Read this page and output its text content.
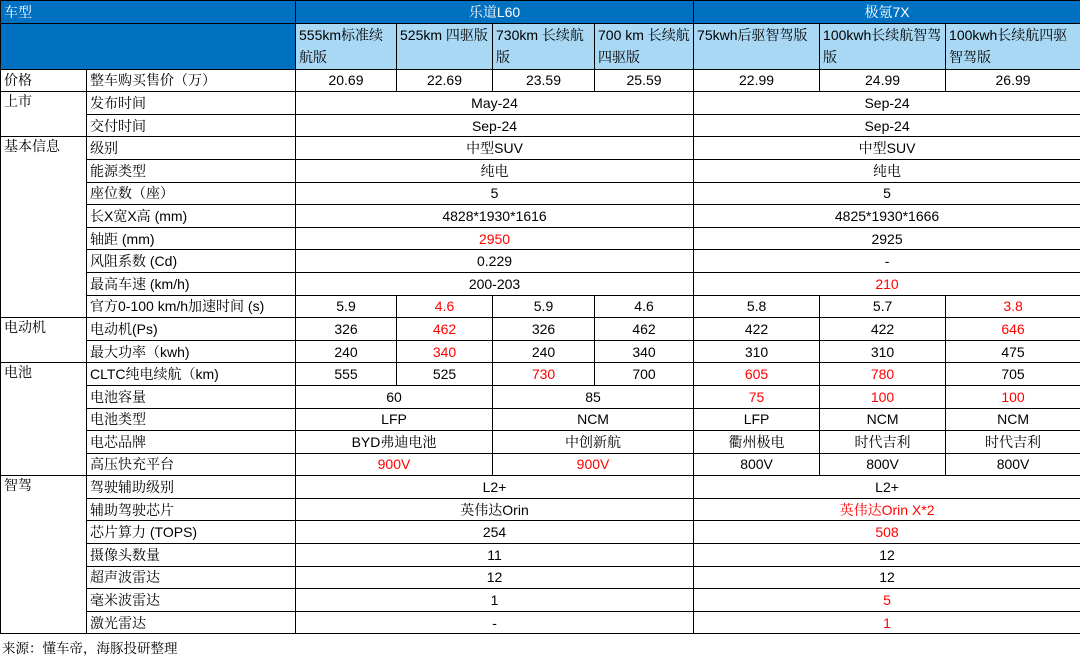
车型		乐道L60				极氪7X		
		555km标准续航版	525km 四驱版	730km 长续航版	700 km 长续航四驱版	75kwh后驱智驾版	100kwh长续航智驾版	100kwh长续航四驱智驾版
价格	整车购买售价（万）	20.69	22.69	23.59	25.59	22.99	24.99	26.99
上市	发布时间	May-24				Sep-24		
	交付时间	Sep-24				Sep-24		
基本信息	级别	中型SUV				中型SUV		
	能源类型	纯电				纯电		
	座位数（座）	5				5		
	长X宽X高 (mm)	4828*1930*1616				4825*1930*1666		
	轴距 (mm)	2950				2925		
	风阻系数 (Cd)	0.229				-		
	最高车速 (km/h)	200-203				210		
	官方0-100 km/h加速时间 (s)	5.9	4.6	5.9	4.6	5.8	5.7	3.8
电动机	电动机(Ps)	326	462	326	462	422	422	646
	最大功率（kwh)	240	340	240	340	310	310	475
电池	CLTC纯电续航（km)	555	525	730	700	605	780	705
	电池容量	60		85		75	100	100
	电池类型	LFP		NCM		LFP	NCM	NCM
	电芯品牌	BYD弗迪电池		中创新航		衢州极电	时代吉利	时代吉利
	高压快充平台	900V		900V		800V	800V	800V
智驾	驾驶辅助级别	L2+				L2+		
	辅助驾驶芯片	英伟达Orin				英伟达Orin X*2		
	芯片算力 (TOPS)	254				508		
	摄像头数量	11				12		
	超声波雷达	12				12		
	毫米波雷达	1				5		
	激光雷达	-				1		
来源：懂车帝，海豚投研整理
